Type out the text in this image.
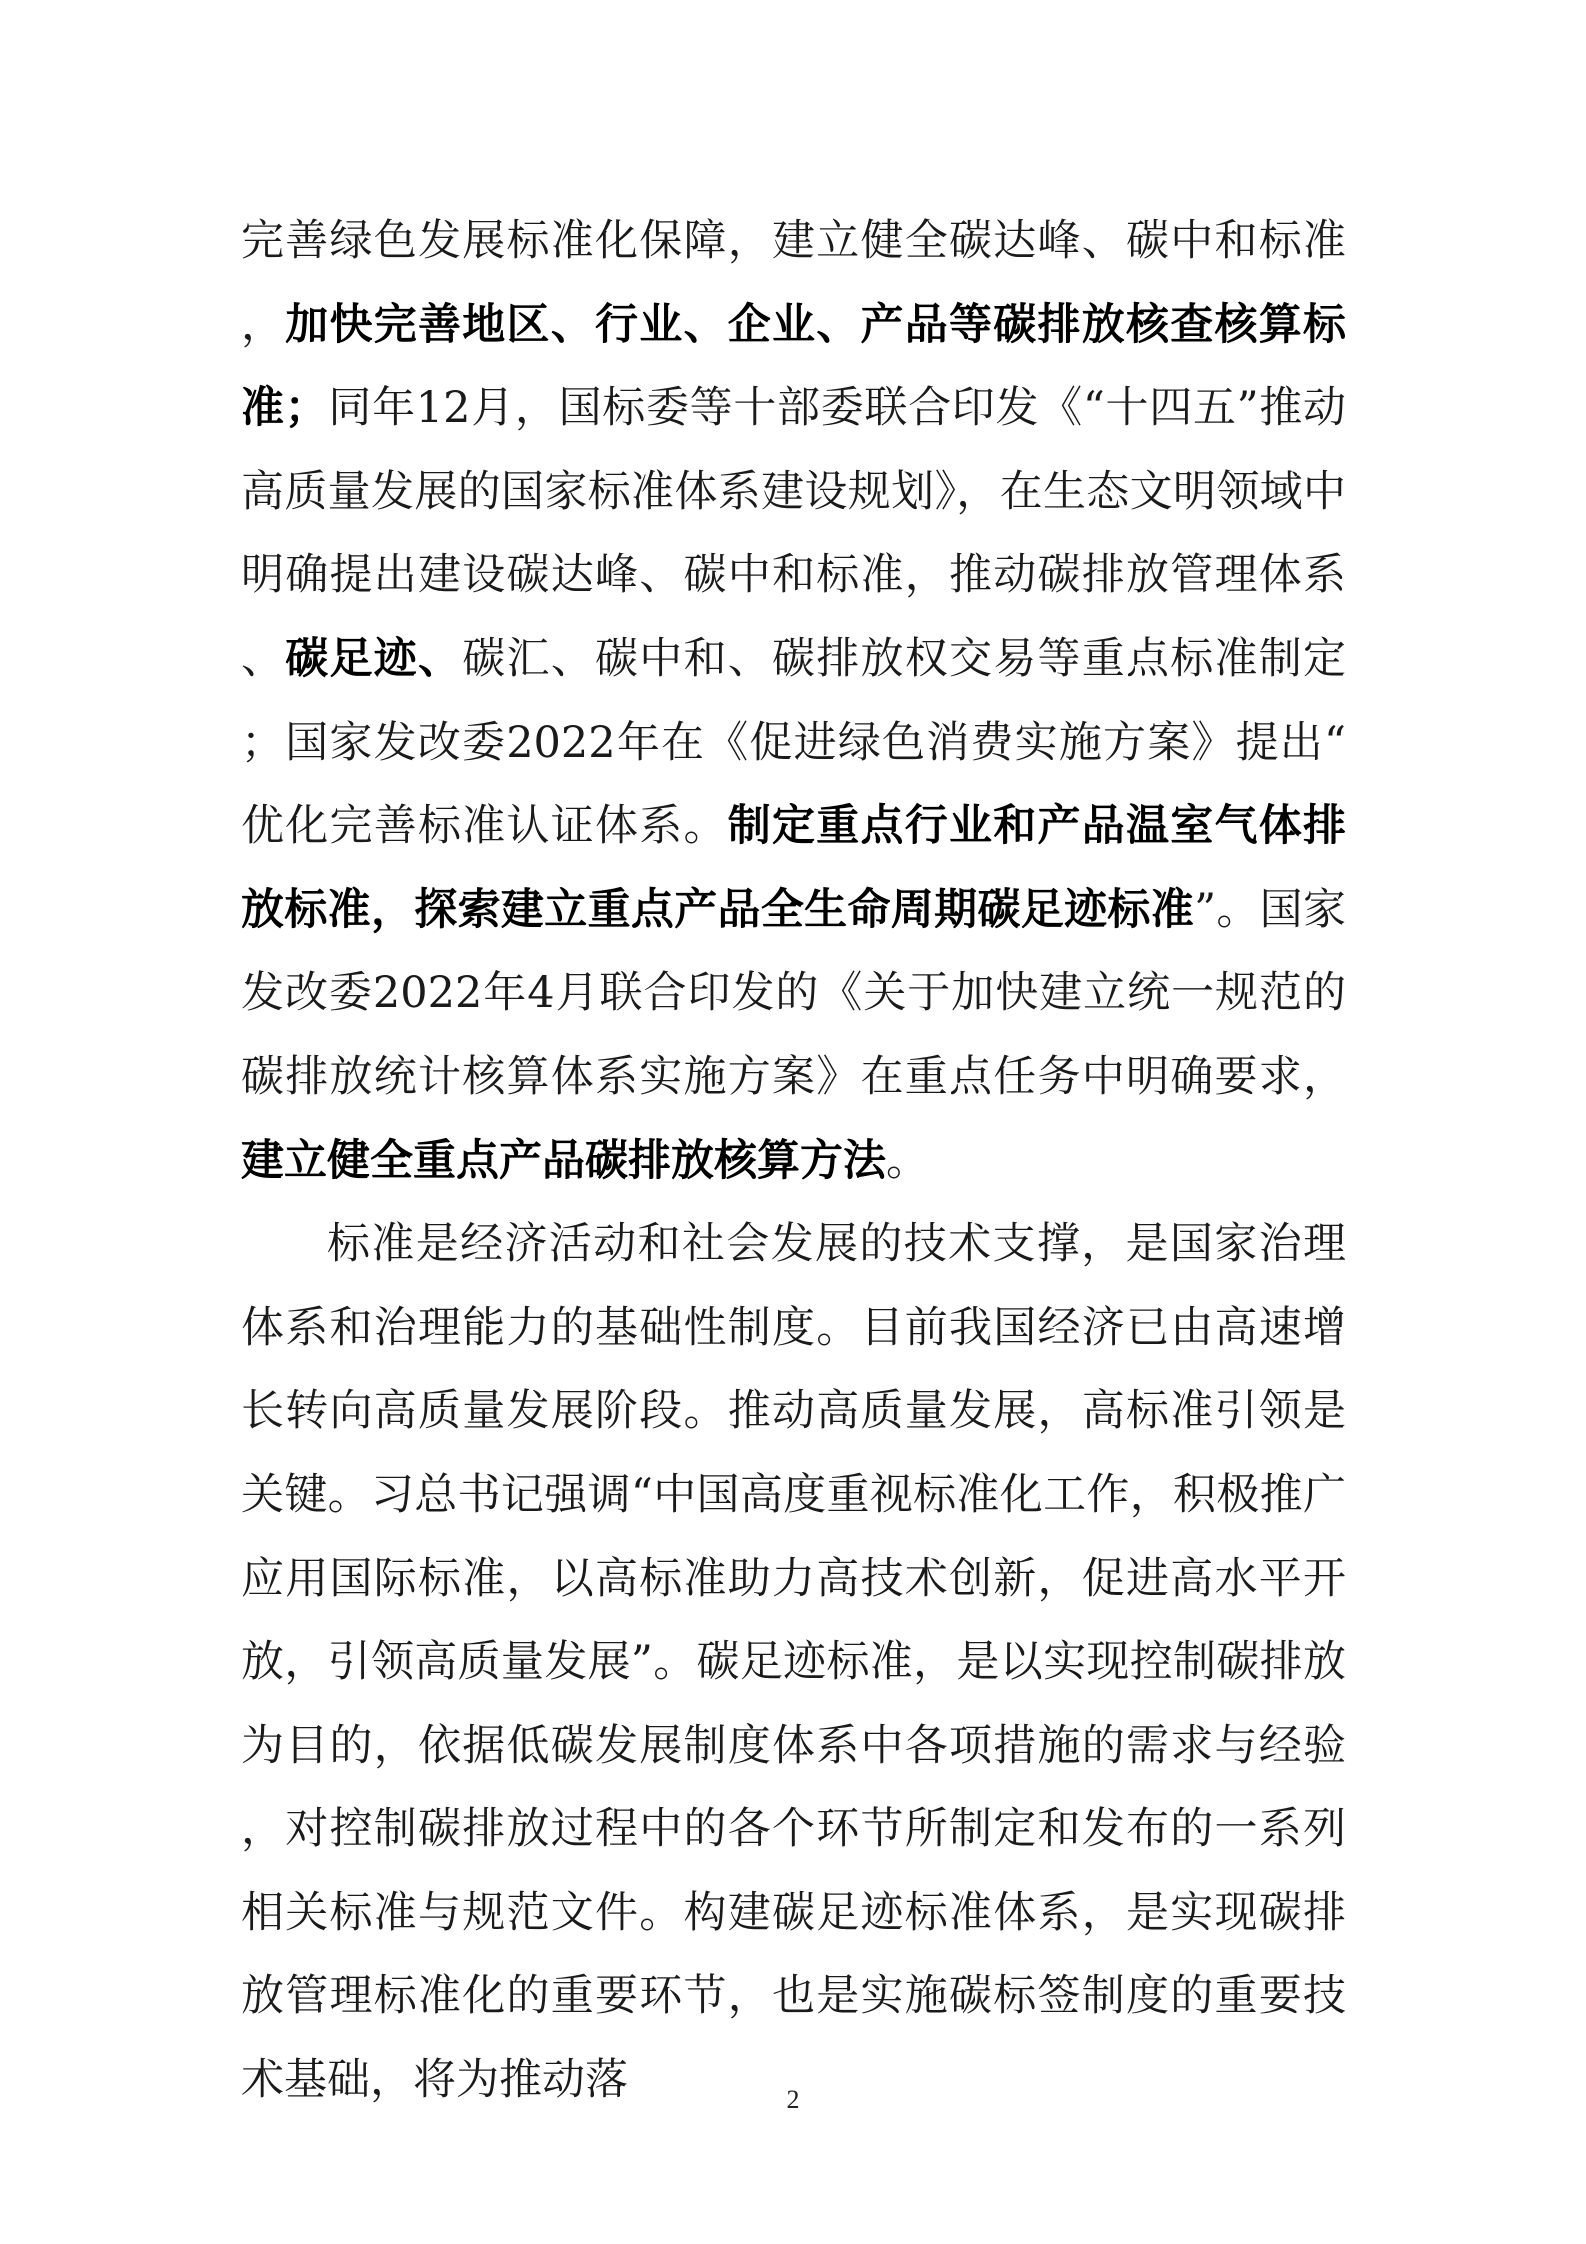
完善绿色发展标准化保障，建立健全碳达峰、碳中和标准，加快完善地区、行业、企业、产品等碳排放核查核算标准；同年12月，国标委等十部委联合印发《“十四五”推动高质量发展的国家标准体系建设规划》，在生态文明领域中明确提出建设碳达峰、碳中和标准，推动碳排放管理体系、碳足迹、碳汇、碳中和、碳排放权交易等重点标准制定；国家发改委2022年在《促进绿色消费实施方案》提出“优化完善标准认证体系。制定重点行业和产品温室气体排放标准，探索建立重点产品全生命周期碳足迹标准”。国家发改委2022年4月联合印发的《关于加快建立统一规范的碳排放统计核算体系实施方案》在重点任务中明确要求，建立健全重点产品碳排放核算方法。

标准是经济活动和社会发展的技术支撑，是国家治理体系和治理能力的基础性制度。目前我国经济已由高速增长转向高质量发展阶段。推动高质量发展，高标准引领是关键。习总书记强调“中国高度重视标准化工作，积极推广应用国际标准，以高标准助力高技术创新，促进高水平开放，引领高质量发展”。碳足迹标准，是以实现控制碳排放为目的，依据低碳发展制度体系中各项措施的需求与经验，对控制碳排放过程中的各个环节所制定和发布的一系列相关标准与规范文件。构建碳足迹标准体系，是实现碳排放管理标准化的重要环节，也是实施碳标签制度的重要技术基础，将为推动落	2
